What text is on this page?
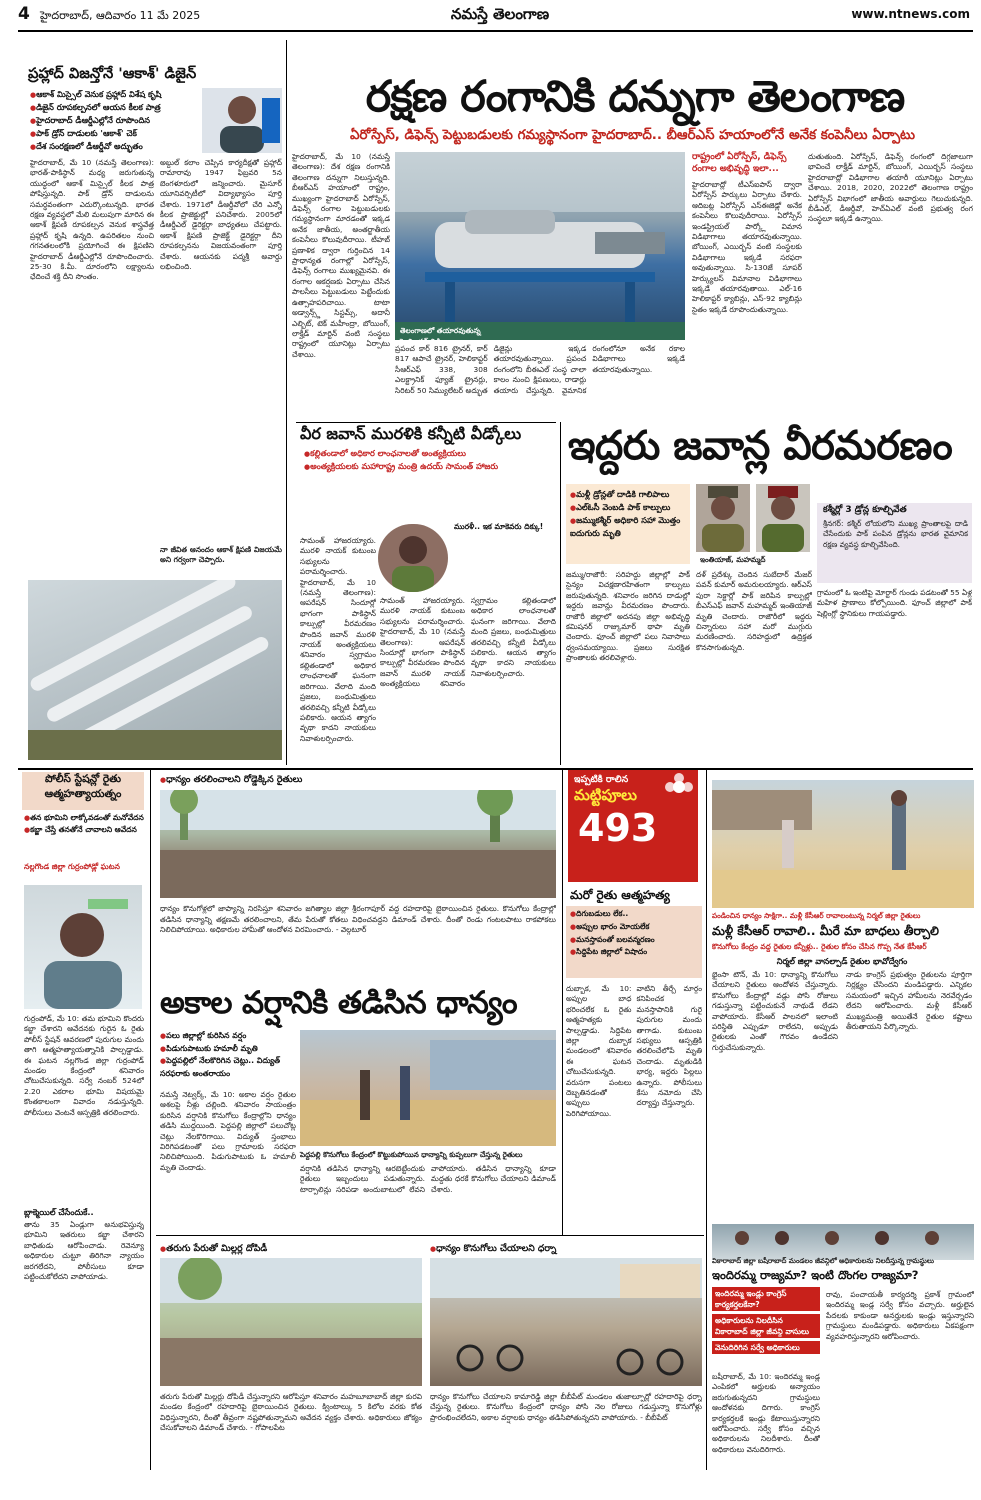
4 హైదరాబాద్, ఆదివారం 11 మే 2025	నమస్తే తెలంగాణ	www.ntnews.com
రక్షణ రంగానికి దన్నుగా తెలంగాణ
ఏరోస్పేస్, డిఫెన్స్ పెట్టుబడులకు గమ్యస్థానంగా హైదరాబాద్.. బీఆర్ఎస్ హయాంలోనే అనేక కంపెనీలు ఏర్పాటు
హైదరాబాద్, మే 10 (నమస్తే తెలంగాణ): దేశ రక్షణ రంగానికి తెలంగాణ దన్నుగా నిలుస్తున్నది. బీఆర్ఎస్ హయాంలో రాష్ట్రం, ముఖ్యంగా హైదరాబాద్ ఏరోస్పేస్, డిఫెన్స్ రంగాల పెట్టుబడులకు గమ్యస్థానంగా మారడంతో ఇక్కడ అనేక జాతీయ, అంతర్జాతీయ కంపెనీలు కొలువుదీరాయి. టీహబ్ ప్రణాళిక ద్వారా గుర్తించిన 14 ప్రాధాన్యత రంగాల్లో ఏరోస్పేస్, డిఫెన్స్ రంగాలు ముఖ్యమైనవి. ఈ రంగాల ఆకర్షణకు ఏర్పాటు చేసిన పాలసీలు పెట్టుబడులు పెట్టేందుకు ఉత్సాహపరిచాయి. టాటా అడ్వాన్స్డ్ సిస్టమ్స్, అదానీ ఎల్బిట్, టెక్ మహీంద్రా, బోయింగ్, లాక్హీడ్ మార్టిన్ వంటి సంస్థలు రాష్ట్రంలో యూనిట్లు ఏర్పాటు చేశాయి.
తెలంగాణలో తయారవుతున్న హెలికాప్టర్ విడిభాగాలు
ప్రపంచ కార్ 816 ట్రైనర్, కార్ 817 ఆపాచే ట్రైనర్, హెలికాప్టర్ సీఆర్ఎఫ్ 338, 308 ఎలక్ట్రానిక్ ఫ్యూజ్ ట్రైనర్లు, సిరిటర్ 50 సిమ్యులేటర్ అద్భుత డిజైన్లు ఇక్కడ తయారవుతున్నాయి. ప్రపంచ రంగంలోని బీఈఎల్ సంస్థ చాలా కాలం నుంచి క్షిపణులు, రాడార్లు తయారు చేస్తున్నది. వైమానిక రంగంలోనూ అనేక రకాల విడిభాగాలు ఇక్కడే తయారవుతున్నాయి.
రాష్ట్రంలో ఏరోస్పేస్, డిఫెన్స్ రంగాల అభివృద్ధి ఇలా...
హైదరాబాద్లో టీఎస్ఐపాస్ ద్వారా ఏరోస్పేస్ పార్కులు ఏర్పాటు చేశారు. ఆదిబట్ల ఏరోస్పేస్ ఎస్ఈజెడ్లో అనేక కంపెనీలు కొలువుదీరాయి. ఏరోస్పేస్ ఇండస్ట్రియల్ పార్క్లో విమాన విడిభాగాలు తయారవుతున్నాయి. బోయింగ్, ఎయిర్బస్ వంటి సంస్థలకు విడిభాగాలు ఇక్కడే సరఫరా అవుతున్నాయి. సి-130జే సూపర్ హెర్క్యులస్ విమానాల విడిభాగాలు ఇక్కడే తయారవుతాయి. ఎల్-16 హెలికాప్టర్ క్యాబిన్లు, ఎస్-92 క్యాబిన్లు సైతం ఇక్కడే రూపొందుతున్నాయి.
దుతుతుంది. ఏరోస్పేస్, డిఫెన్స్ రంగంలో దిగ్గజాలుగా భావించే లాక్హీడ్ మార్టిన్, బోయింగ్, ఎయిర్బస్ సంస్థలు హైదరాబాద్లో విడిభాగాల తయారీ యూనిట్లు ఏర్పాటు చేశాయి. 2018, 2020, 2022లో తెలంగాణ రాష్ట్రం ఏరోస్పేస్ విభాగంలో జాతీయ అవార్డులు గెలుచుకున్నది. బీడీఎల్, డీఆర్డీవో, హెచ్ఏఎల్ వంటి ప్రభుత్వ రంగ సంస్థలూ ఇక్కడే ఉన్నాయి.
ప్రహ్లాద్ విజన్తోనే 'ఆకాశ్' డిజైన్
● ఆకాశ్ మిస్సైల్ వెనుక ప్రహ్లాద్ విశేష కృషి
● డిజైన్ రూపకల్పనలో ఆయన కీలక పాత్ర
● హైదరాబాద్ డీఆర్డీఎల్లోనే రూపొందిన
● పాక్ డ్రోన్ దాడులకు 'ఆకాశ్' చెక్
● దేశ సంరక్షణలో డీఆర్డీవో అద్భుతం
హైదరాబాద్, మే 10 (నమస్తే తెలంగాణ): భారత్-పాకిస్థాన్ మధ్య జరుగుతున్న యుద్ధంలో ఆకాశ్ మిస్సైల్ కీలక పాత్ర పోషిస్తున్నది. పాక్ డ్రోన్ దాడులను సమర్థవంతంగా ఎదుర్కొంటున్నది. భారత రక్షణ వ్యవస్థలో మేలి మలుపుగా మారిన ఈ ఆకాశ్ క్షిపణి రూపకల్పన వెనుక శాస్త్రవేత్త ప్రహ్లాద్ కృషి ఉన్నది. ఉపరితలం నుంచి గగనతలంలోకి ప్రయోగించే ఈ క్షిపణిని హైదరాబాద్ డీఆర్డీఎల్లోనే రూపొందించారు. 25-30 కి.మీ. దూరంలోని లక్ష్యాలను ఛేదించే శక్తి దీని సొంతం.
అబ్దుల్ కలాం చెప్పిన కార్యదీక్షతో ప్రహ్లాద్ రామారావు 1947 ఫిబ్రవరి 5న బెంగళూరులో జన్మించారు. మైసూర్ యూనివర్సిటీలో విద్యాభ్యాసం పూర్తి చేశారు. 1971లో డీఆర్డీవోలో చేరి ఎన్నో కీలక ప్రాజెక్టుల్లో పనిచేశారు. 2005లో డీఆర్డీఎల్ డైరెక్టర్గా బాధ్యతలు చేపట్టారు. ఆకాశ్ క్షిపణి ప్రాజెక్ట్ డైరెక్టర్గా దీని రూపకల్పనను విజయవంతంగా పూర్తి చేశారు. ఆయనకు పద్మశ్రీ అవార్డు లభించింది.
నా జీవిత ఆనందం ఆకాశ్ క్షిపణి విజయమే అని గర్వంగా చెప్పారు.
వీర జవాన్ మురళికి కన్నీటి వీడ్కోలు
● కల్లితండాలో అధికార లాంఛనాలతో అంత్యక్రియలు
● అంత్యక్రియలకు మహారాష్ట్ర మంత్రి ఉదయ్ సామంత్ హాజరు
మురళీ.. ఇక మాకెవరు దిక్కు!
సామంత్ హాజరయ్యారు. మురళి నాయక్ కుటుంబ సభ్యులను పరామర్శించారు. హైదరాబాద్, మే 10 (నమస్తే తెలంగాణ): ఆపరేషన్ సిందూర్లో భాగంగా పాకిస్థాన్ కాల్పుల్లో వీరమరణం పొందిన జవాన్ మురళి నాయక్ అంత్యక్రియలు శనివారం స్వగ్రామం కల్లితండాలో అధికార లాంఛనాలతో ఘనంగా జరిగాయి. వేలాది మంది ప్రజలు, బంధుమిత్రులు తరలివచ్చి కన్నీటి వీడ్కోలు పలికారు. ఆయన త్యాగం వృథా కాదని నాయకులు నివాళులర్పించారు.
సామంత్ హాజరయ్యారు. మురళి నాయక్ కుటుంబ సభ్యులను పరామర్శించారు. హైదరాబాద్, మే 10 (నమస్తే తెలంగాణ): ఆపరేషన్ సిందూర్లో భాగంగా పాకిస్థాన్ కాల్పుల్లో వీరమరణం పొందిన జవాన్ మురళి నాయక్ అంత్యక్రియలు శనివారం స్వగ్రామం కల్లితండాలో అధికార లాంఛనాలతో ఘనంగా జరిగాయి. వేలాది మంది ప్రజలు, బంధుమిత్రులు తరలివచ్చి కన్నీటి వీడ్కోలు పలికారు. ఆయన త్యాగం వృథా కాదని నాయకులు నివాళులర్పించారు.
ఇద్దరు జవాన్ల వీరమరణం
● మళ్లీ డ్రోన్లతో దాడికి గాలిపాలు
● ఎల్ఓసీ వెంబడి పాక్ కాల్పులు
● జమ్ముకశ్మీర్ అధికారి సహా మొత్తం ఐదుగురు మృతి
ఇంతియాజ్, మహమ్మద్
జమ్ము/రాజౌరీ: సరిహద్దు జిల్లాల్లో పాక్ సైన్యం విచక్షణారహితంగా కాల్పులు జరుపుతున్నది. శనివారం జరిగిన దాడుల్లో ఇద్దరు జవాన్లు వీరమరణం పొందారు. రాజౌరీ జిల్లాలో అదనపు జిల్లా అభివృద్ధి కమిషనర్ రాజ్కుమార్ థాపా మృతి చెందారు. ఫూంచ్ జిల్లాలో పలు నివాసాలు ధ్వంసమయ్యాయి. ప్రజలు సురక్షిత ప్రాంతాలకు తరలివెళ్లారు.
దళ్ ప్రదేశ్కు చెందిన సుబేదార్ మేజర్ పవన్ కుమార్ అమరులయ్యారు. ఆర్ఎస్ పురా సెక్టార్లో పాక్ జరిపిన కాల్పుల్లో బీఎస్ఎఫ్ జవాన్ మహమ్మద్ ఇంతియాజ్ మృతి చెందారు. రాజౌరీలో ఇద్దరు చిన్నారులు సహా మరో ముగ్గురు మరణించారు. సరిహద్దులో ఉద్రిక్తత కొనసాగుతున్నది.
కశ్మీర్లో 3 డ్రోన్ల కూల్చివేత
శ్రీనగర్: కశ్మీర్ లోయలోని ముఖ్య ప్రాంతాలపై దాడి చేసేందుకు పాక్ పంపిన డ్రోన్లను భారత వైమానిక రక్షణ వ్యవస్థ కూల్చివేసింది.
గ్రామంలో ఓ ఇంటిపై మోర్టార్ గుండు పడటంతో 55 ఏళ్ల మహిళ ప్రాణాలు కోల్పోయింది. ఫూంచ్ జిల్లాలో పాక్ షెల్లింగ్లో స్థానికులు గాయపడ్డారు.
పోలీస్ స్టేషన్లో రైతు ఆత్మహత్యాయత్నం
● తన భూమిని లాక్కోవడంతో మనోవేదన
● కబ్జా చేస్తే తనతోనే చావాలని ఆవేదన
నల్లగొండ జిల్లా గుర్రంపోడ్లో ఘటన
గుర్రంపోడ్, మే 10: తమ భూమిని కొందరు కబ్జా చేశారని ఆవేదనకు గురైన ఓ రైతు పోలీస్ స్టేషన్ ఆవరణలో పురుగుల మందు తాగి ఆత్మహత్యాయత్నానికి పాల్పడ్డాడు. ఈ ఘటన నల్లగొండ జిల్లా గుర్రంపోడ్ మండల కేంద్రంలో శనివారం చోటుచేసుకున్నది. సర్వే నంబర్ 524లో 2.20 ఎకరాల భూమి విషయమై కొంతకాలంగా వివాదం నడుస్తున్నది. పోలీసులు వెంటనే ఆస్పత్రికి తరలించారు.
బ్లాక్మెయిల్ చేసేందుకే..
తాను 35 ఏండ్లుగా అనుభవిస్తున్న భూమిని ఇతరులు కబ్జా చేశారని బాధితుడు ఆరోపించాడు. రెవెన్యూ అధికారుల చుట్టూ తిరిగినా న్యాయం జరగలేదని, పోలీసులు కూడా పట్టించుకోలేదని వాపోయాడు.
● ధాన్యం తరలించాలని రోడ్డెక్కిన రైతులు
ధాన్యం కొనుగోళ్లలో జాప్యాన్ని నిరసిస్తూ శనివారం జగిత్యాల జిల్లా శ్రీరంగాపూర్ వద్ద రహదారిపై బైఠాయించిన రైతులు. కొనుగోలు కేంద్రాల్లో తడిసిన ధాన్యాన్ని తక్షణమే తరలించాలని, తేమ పేరుతో కోతలు విధించవద్దని డిమాండ్ చేశారు. దీంతో రెండు గంటలపాటు రాకపోకలు నిలిచిపోయాయి. అధికారుల హామీతో ఆందోళన విరమించారు. - వెల్గటూర్
అకాల వర్షానికి తడిసిన ధాన్యం
● పలు జిల్లాల్లో కురిసిన వర్షం
● పిడుగుపాటుకు హమాలీ మృతి
● పెద్దపల్లిలో నేలకొరిగిన చెట్లు.. విద్యుత్ సరఫరాకు అంతరాయం
నమస్తే నెట్వర్క్, మే 10: అకాల వర్షం రైతుల ఆశలపై నీళ్లు చల్లింది. శనివారం సాయంత్రం కురిసిన వర్షానికి కొనుగోలు కేంద్రాల్లోని ధాన్యం తడిసి ముద్దయింది. పెద్దపల్లి జిల్లాలో పలుచోట్ల చెట్లు నేలకొరిగాయి. విద్యుత్ స్తంభాలు విరిగిపడటంతో పలు గ్రామాలకు సరఫరా నిలిచిపోయింది. పిడుగుపాటుకు ఓ హమాలీ మృతి చెందాడు.
పెద్దపల్లి కొనుగోలు కేంద్రంలో కొట్టుకుపోయిన ధాన్యాన్ని కుప్పలుగా చేస్తున్న రైతులు
వర్షానికి తడిసిన ధాన్యాన్ని ఆరబెట్టేందుకు రైతులు ఇబ్బందులు పడుతున్నారు. టార్పాలిన్లు సరిపడా అందుబాటులో లేవని వాపోయారు. తడిసిన ధాన్యాన్ని కూడా మద్దతు ధరకే కొనుగోలు చేయాలని డిమాండ్ చేశారు.
ఇప్పటికి రాలిన
మట్టిపూలు
493
మరో రైతు ఆత్మహత్య
● దిగుబడులు లేక..
● అప్పుల భారం మోయలేక
● మనస్తాపంతో బలవన్మరణం
● సిద్దిపేట జిల్లాలో విషాదం
దుబ్బాక, మే 10: అప్పుల బాధ భరించలేక ఓ రైతు ఆత్మహత్యకు పాల్పడ్డాడు. సిద్దిపేట జిల్లా దుబ్బాక మండలంలో శనివారం ఈ ఘటన చోటుచేసుకున్నది. వరుసగా పంటలు దెబ్బతినడంతో అప్పులు పెరిగిపోయాయి. వాటిని తీర్చే మార్గం కనిపించక మనస్తాపానికి గురై పురుగుల మందు తాగాడు. కుటుంబ సభ్యులు ఆస్పత్రికి తరలించేలోపే మృతి చెందాడు. మృతుడికి భార్య, ఇద్దరు పిల్లలు ఉన్నారు. పోలీసులు కేసు నమోదు చేసి దర్యాప్తు చేస్తున్నారు.
పండించిన ధాన్యం సాక్షిగా.. మళ్లీ కేసీఆర్ రావాలంటున్న నిర్మల్ జిల్లా రైతులు
మళ్లీ కేసీఆర్ రావాలి.. మీరే మా బాధలు తీర్చాలి
కొనుగోలు కేంద్రం వద్ద రైతుల కన్నీళ్లు.. రైతుల కోసం చేసిన గొప్ప నేత కేసీఆర్
నిర్మల్ జిల్లా వానల్పాడ్ రైతుల భావోద్వేగం
భైంసా టౌన్, మే 10: ధాన్యాన్ని కొనుగోలు చేయాలని రైతులు ఆందోళన చేస్తున్నారు. కొనుగోలు కేంద్రాల్లో వడ్లు పోసి రోజులు గడుస్తున్నా పట్టించుకునే నాథుడే లేడని వాపోయారు. కేసీఆర్ పాలనలో ఇలాంటి పరిస్థితి ఎప్పుడూ రాలేదని, అప్పుడు రైతులకు ఎంతో గౌరవం ఉండేదని గుర్తుచేసుకున్నారు.
నాడు కాంగ్రెస్ ప్రభుత్వం రైతులను పూర్తిగా నిర్లక్ష్యం చేసిందని మండిపడ్డారు. ఎన్నికల సమయంలో ఇచ్చిన హామీలను నెరవేర్చడం లేదని ఆరోపించారు. మళ్లీ కేసీఆర్ ముఖ్యమంత్రి అయితేనే రైతుల కష్టాలు తీరుతాయని పేర్కొన్నారు.
వికారాబాద్ జిల్లా బషీరాబాద్ మండలం జీవన్గిలో అధికారులను నిలదీస్తున్న గ్రామస్థులు
ఇందిరమ్మ రాజ్యమా? ఇంటి దొంగల రాజ్యమా?
ఇందిరమ్మ ఇండ్లు కాంగ్రెస్ కార్యకర్తలకేనా?
అధికారులను నిలదీసిన వికారాబాద్ జిల్లా జీవన్గి వాసులు
వెనుదిరిగిన సర్వే అధికారులు
బషీరాబాద్, మే 10: ఇందిరమ్మ ఇండ్ల ఎంపికలో అర్హులకు అన్యాయం జరుగుతున్నదని గ్రామస్థులు ఆందోళనకు దిగారు. కాంగ్రెస్ కార్యకర్తలకే ఇండ్లు కేటాయిస్తున్నారని ఆరోపించారు. సర్వే కోసం వచ్చిన అధికారులను నిలదీశారు. దీంతో అధికారులు వెనుదిరిగారు.
రావు, పంచాయతీ కార్యదర్శి ప్రకాశ్ గ్రామంలో ఇందిరమ్మ ఇండ్ల సర్వే కోసం వచ్చారు. అర్హులైన పేదలకు కాకుండా అనర్హులకు ఇండ్లు ఇస్తున్నారని గ్రామస్థులు మండిపడ్డారు. అధికారులు ఏకపక్షంగా వ్యవహరిస్తున్నారని ఆరోపించారు.
● తరుగు పేరుతో మిల్లర్ల దోపిడీ
తరుగు పేరుతో మిల్లర్లు దోపిడీ చేస్తున్నారని ఆరోపిస్తూ శనివారం మహబూబాబాద్ జిల్లా కురవి మండల కేంద్రంలో రహదారిపై బైఠాయించిన రైతులు. క్వింటాల్కు 5 కిలోల వరకు కోత విధిస్తున్నారని, దీంతో తీవ్రంగా నష్టపోతున్నామని ఆవేదన వ్యక్తం చేశారు. అధికారులు జోక్యం చేసుకోవాలని డిమాండ్ చేశారు. - గోపాలపేట
● ధాన్యం కొనుగోలు చేయాలని ధర్నా
ధాన్యం కొనుగోలు చేయాలని కామారెడ్డి జిల్లా బీబీపేట్ మండలం తుజాల్పూర్లో రహదారిపై ధర్నా చేస్తున్న రైతులు. కొనుగోలు కేంద్రంలో ధాన్యం పోసి నెల రోజులు గడుస్తున్నా కొనుగోళ్లు ప్రారంభించలేదని, అకాల వర్షాలకు ధాన్యం తడిసిపోతున్నదని వాపోయారు. - బీబీపేట్
